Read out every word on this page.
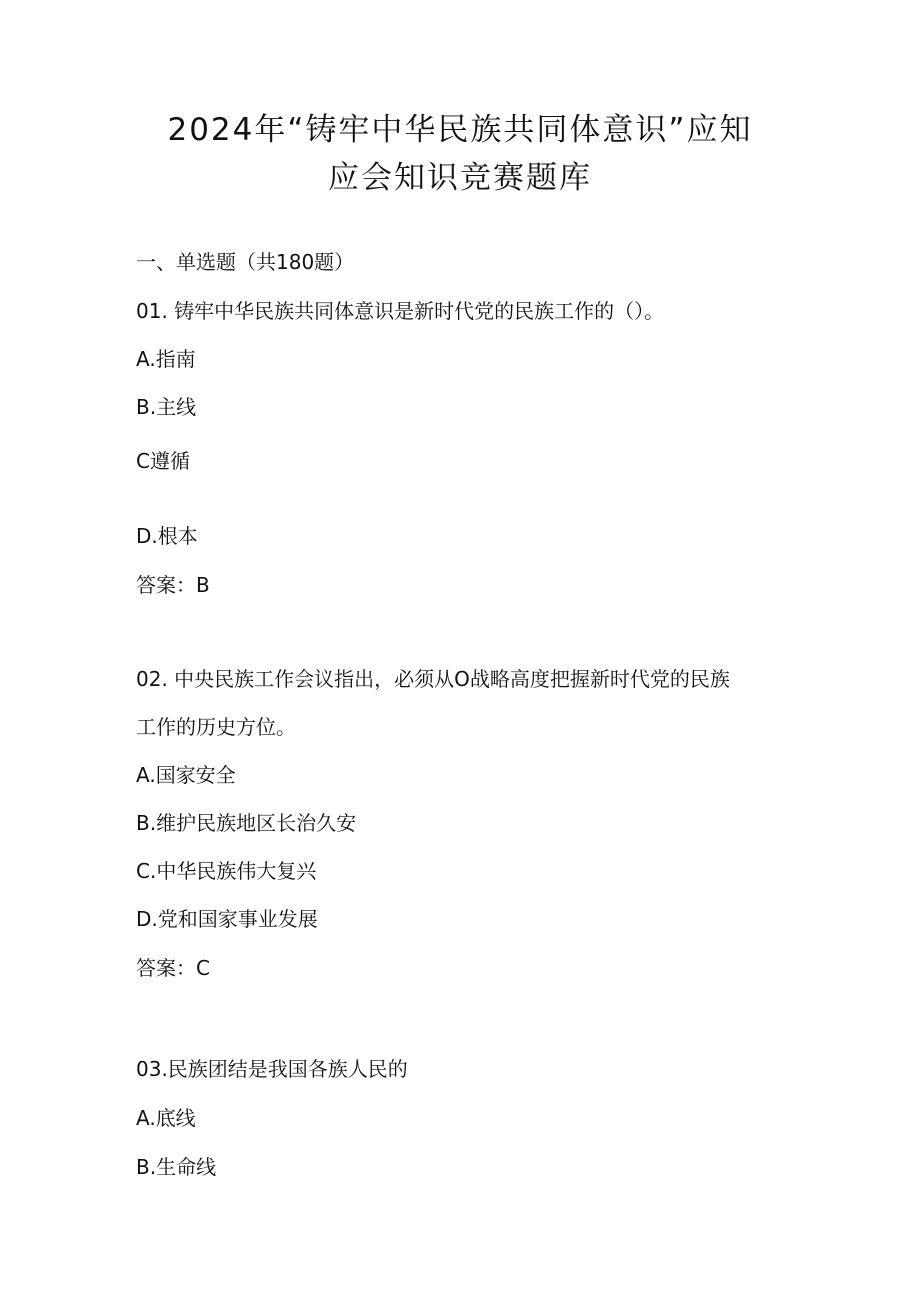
2024年“铸牢中华民族共同体意识”应知
应会知识竞赛题库

一、单选题（共180题）

01. 铸牢中华民族共同体意识是新时代党的民族工作的（）。

A.指南

B.主线

C遵循

D.根本

答案：B

02. 中央民族工作会议指出，必须从O战略高度把握新时代党的民族

工作的历史方位。

A.国家安全

B.维护民族地区长治久安

C.中华民族伟大复兴

D.党和国家事业发展

答案：C

03.民族团结是我国各族人民的

A.底线

B.生命线
